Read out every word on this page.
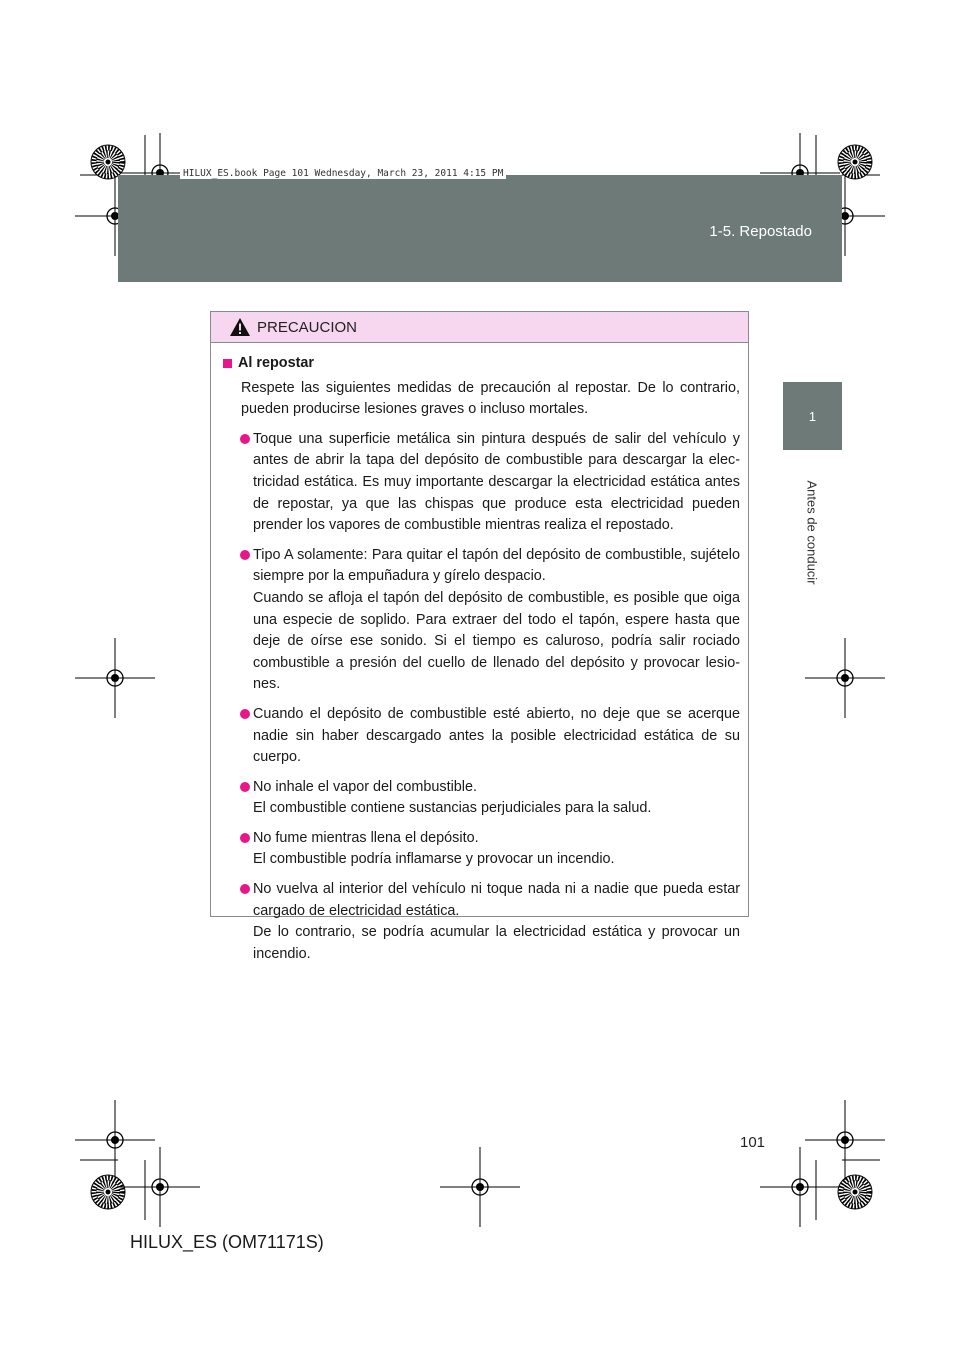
1-5. Repostado
HILUX_ES.book Page 101 Wednesday, March 23, 2011 4:15 PM
1
Antes de conducir
PRECAUCION
Al repostar

Respete las siguientes medidas de precaución al repostar. De lo contrario, pueden producirse lesiones graves o incluso mortales.

Toque una superficie metálica sin pintura después de salir del vehículo y antes de abrir la tapa del depósito de combustible para descargar la electricidad estática. Es muy importante descargar la electricidad estática antes de repostar, ya que las chispas que produce esta electricidad pueden prender los vapores de combustible mientras realiza el repostado.

Tipo A solamente: Para quitar el tapón del depósito de combustible, sujételo siempre por la empuñadura y gírelo despacio.

Cuando se afloja el tapón del depósito de combustible, es posible que oiga una especie de soplido. Para extraer del todo el tapón, espere hasta que deje de oírse ese sonido. Si el tiempo es caluroso, podría salir rociado combustible a presión del cuello de llenado del depósito y provocar lesiones.

Cuando el depósito de combustible esté abierto, no deje que se acerque nadie sin haber descargado antes la posible electricidad estática de su cuerpo.

No inhale el vapor del combustible.

El combustible contiene sustancias perjudiciales para la salud.

No fume mientras llena el depósito.

El combustible podría inflamarse y provocar un incendio.

No vuelva al interior del vehículo ni toque nada ni a nadie que pueda estar cargado de electricidad estática.

De lo contrario, se podría acumular la electricidad estática y provocar un incendio.

101
HILUX_ES (OM71171S)
